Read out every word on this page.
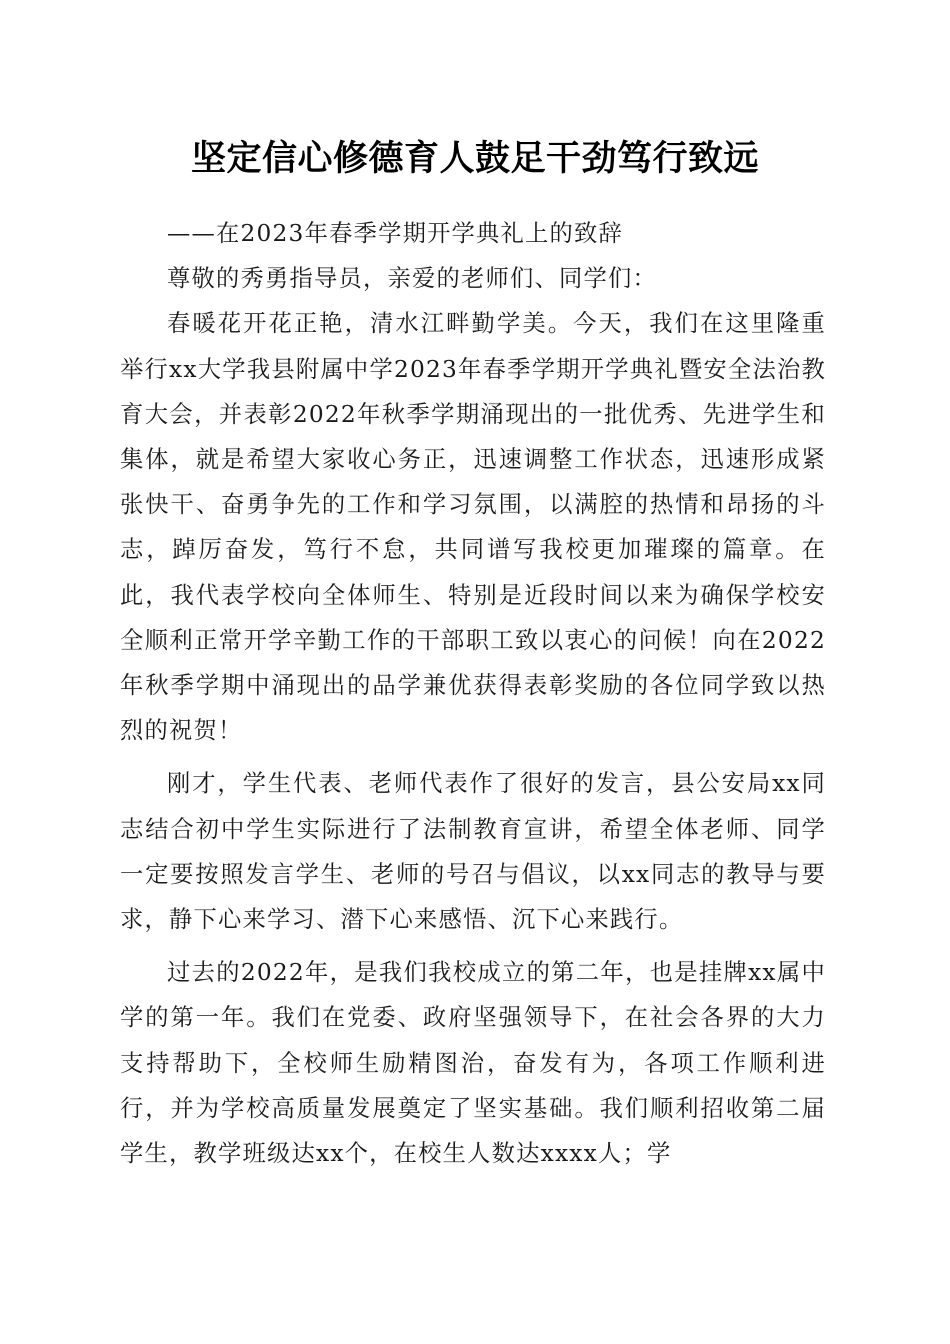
坚定信心修德育人鼓足干劲笃行致远

——在2023年春季学期开学典礼上的致辞

尊敬的秀勇指导员，亲爱的老师们、同学们：

春暖花开花正艳，清水江畔勤学美。今天，我们在这里隆重举行xx大学我县附属中学2023年春季学期开学典礼暨安全法治教育大会，并表彰2022年秋季学期涌现出的一批优秀、先进学生和集体，就是希望大家收心务正，迅速调整工作状态，迅速形成紧张快干、奋勇争先的工作和学习氛围，以满腔的热情和昂扬的斗志，踔厉奋发，笃行不怠，共同谱写我校更加璀璨的篇章。在此，我代表学校向全体师生、特别是近段时间以来为确保学校安全顺利正常开学辛勤工作的干部职工致以衷心的问候！向在2022年秋季学期中涌现出的品学兼优获得表彰奖励的各位同学致以热烈的祝贺！

刚才，学生代表、老师代表作了很好的发言，县公安局xx同志结合初中学生实际进行了法制教育宣讲，希望全体老师、同学一定要按照发言学生、老师的号召与倡议，以xx同志的教导与要求，静下心来学习、潜下心来感悟、沉下心来践行。

过去的2022年，是我们我校成立的第二年，也是挂牌xx属中学的第一年。我们在党委、政府坚强领导下，在社会各界的大力支持帮助下，全校师生励精图治，奋发有为，各项工作顺利进行，并为学校高质量发展奠定了坚实基础。我们顺利招收第二届学生，教学班级达xx个，在校生人数达xxxx人；学
